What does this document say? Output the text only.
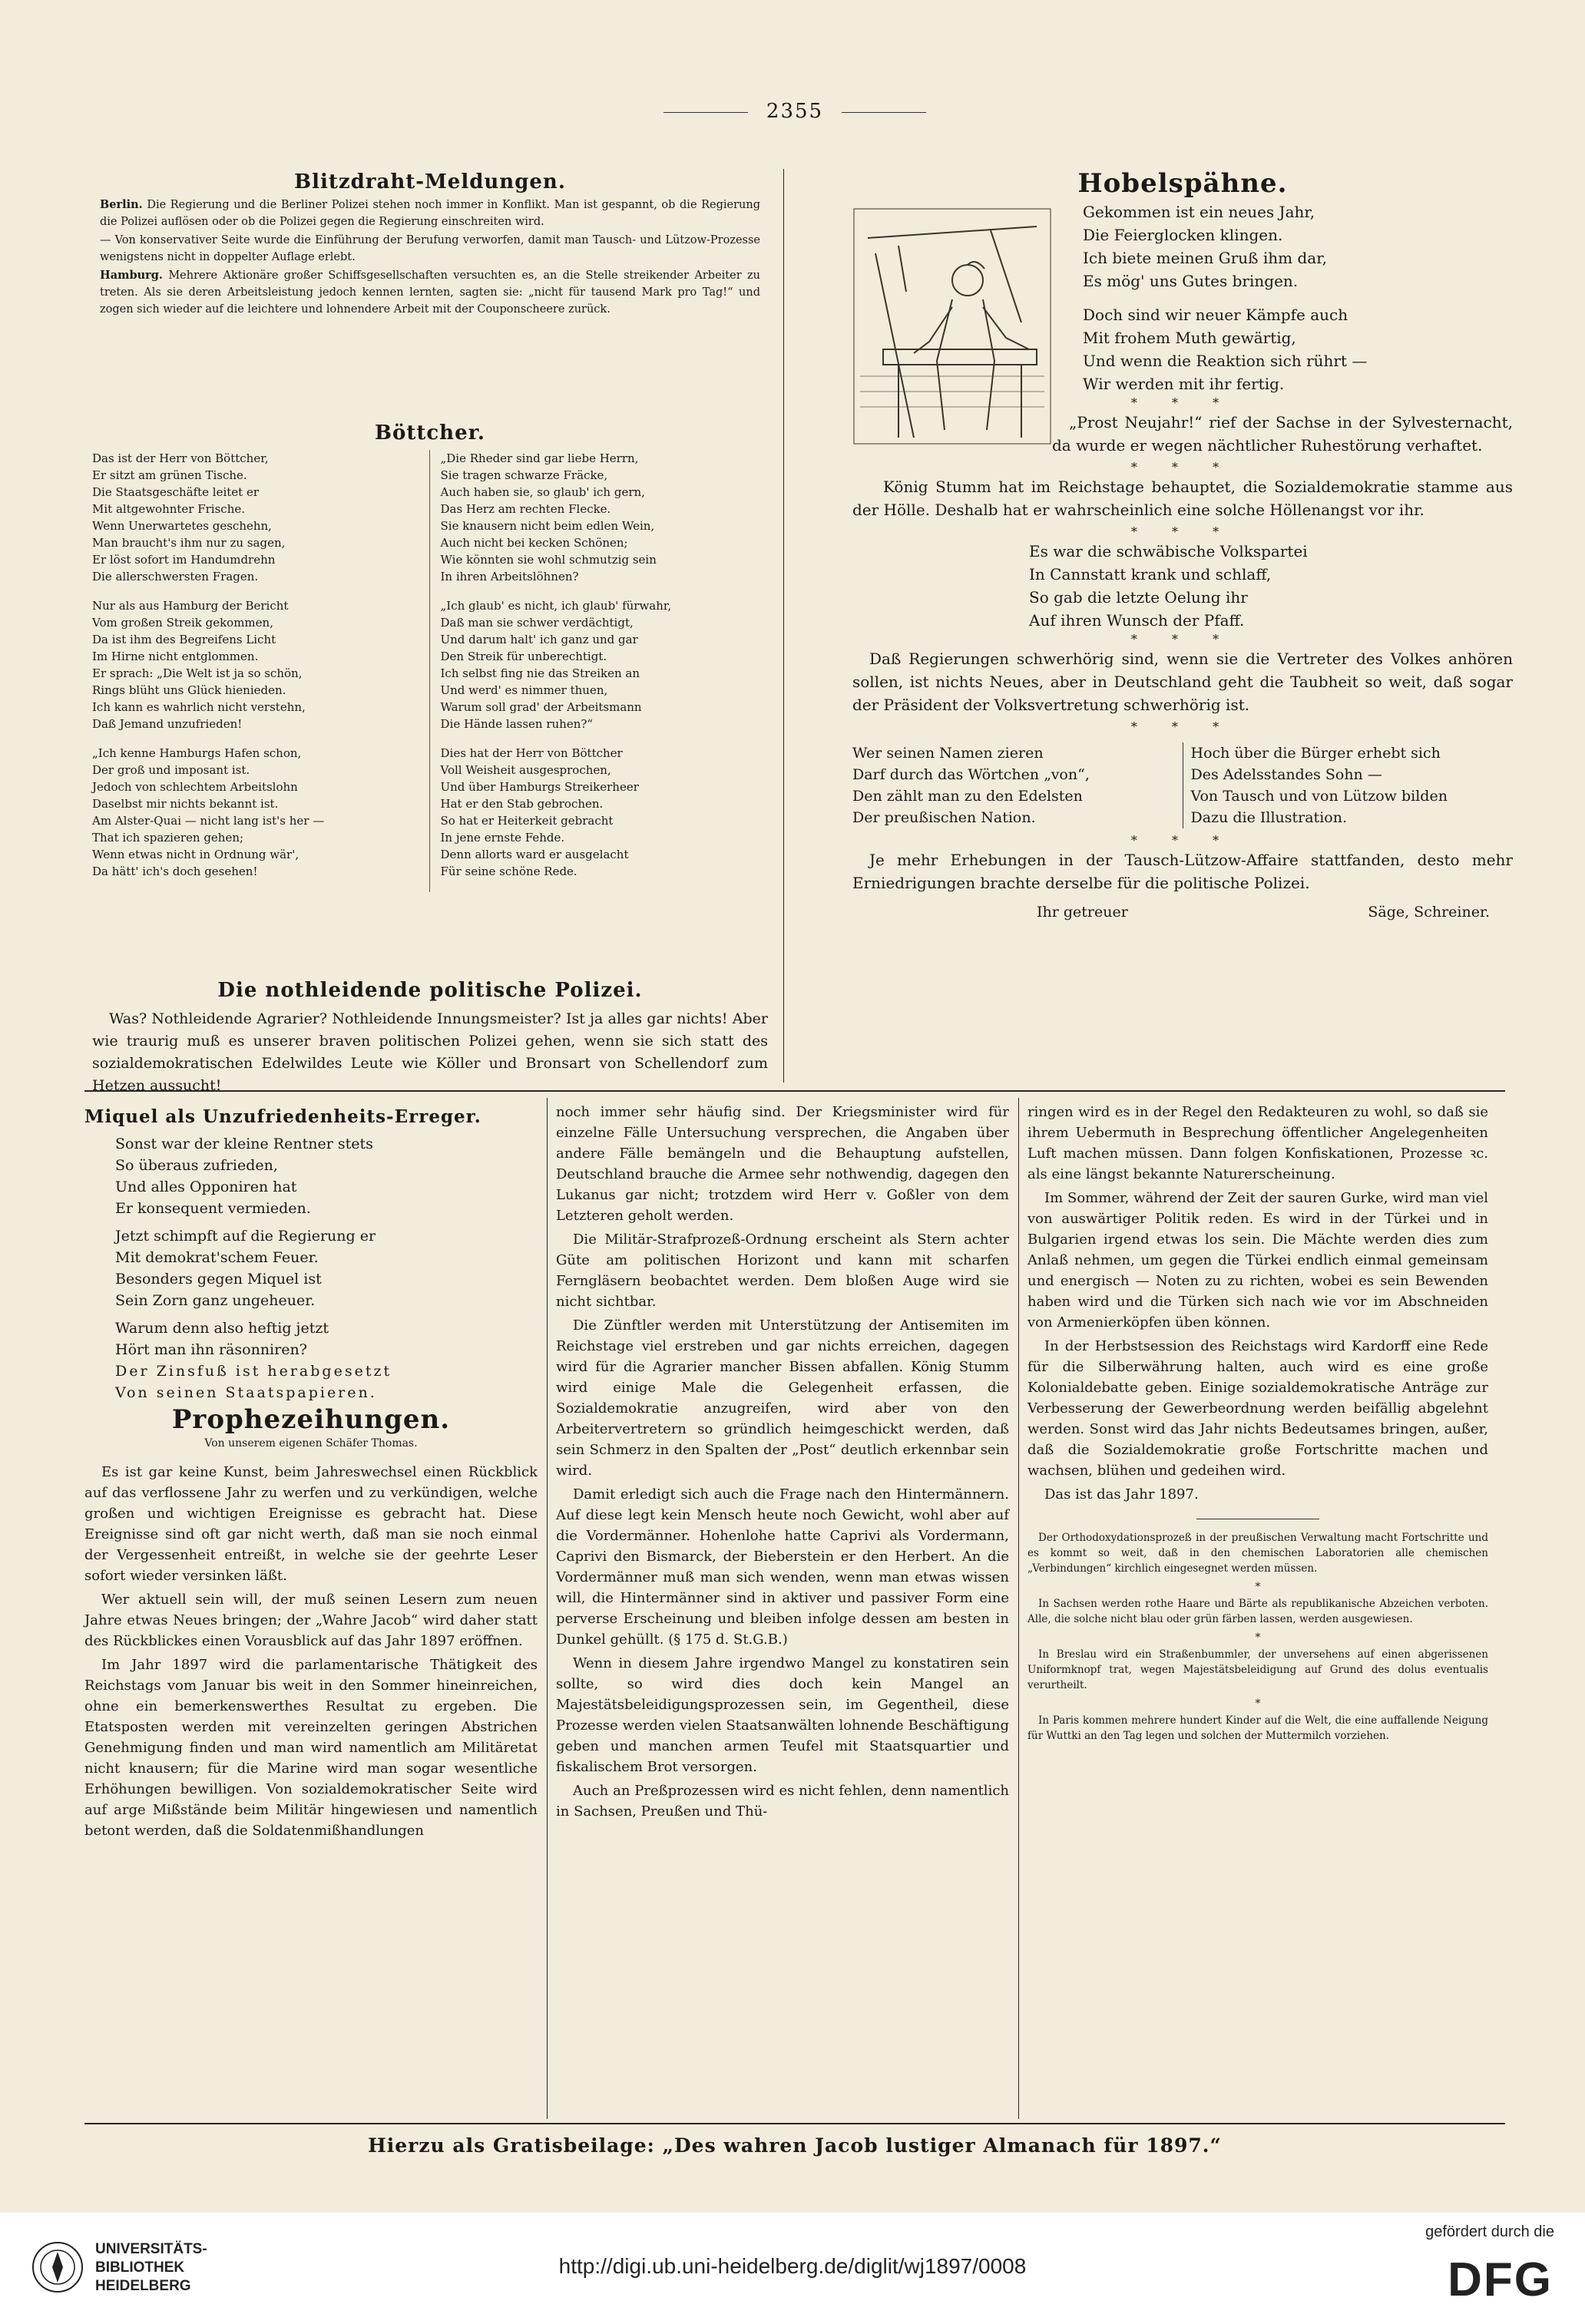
2355
Blitzdraht-Meldungen.

Berlin. Die Regierung und die Berliner Polizei stehen noch immer in Konflikt. Man ist gespannt, ob die Regierung die Polizei auflösen oder ob die Polizei gegen die Regierung einschreiten wird.

— Von konservativer Seite wurde die Einführung der Berufung verworfen, damit man Tausch- und Lützow-Prozesse wenigstens nicht in doppelter Auflage erlebt.

Hamburg. Mehrere Aktionäre großer Schiffsgesellschaften versuchten es, an die Stelle streikender Arbeiter zu treten. Als sie deren Arbeitsleistung jedoch kennen lernten, sagten sie: „nicht für tausend Mark pro Tag!“ und zogen sich wieder auf die leichtere und lohnendere Arbeit mit der Couponscheere zurück.

Böttcher.
Das ist der Herr von Böttcher,
Er sitzt am grünen Tische.
Die Staatsgeschäfte leitet er
Mit altgewohnter Frische.
Wenn Unerwartetes geschehn,
Man braucht's ihm nur zu sagen,
Er löst sofort im Handumdrehn
Die allerschwersten Fragen.
Nur als aus Hamburg der Bericht
Vom großen Streik gekommen,
Da ist ihm des Begreifens Licht
Im Hirne nicht entglommen.
Er sprach: „Die Welt ist ja so schön,
Rings blüht uns Glück hienieden.
Ich kann es wahrlich nicht verstehn,
Daß Jemand unzufrieden!
„Ich kenne Hamburgs Hafen schon,
Der groß und imposant ist.
Jedoch von schlechtem Arbeitslohn
Daselbst mir nichts bekannt ist.
Am Alster-Quai — nicht lang ist's her —
That ich spazieren gehen;
Wenn etwas nicht in Ordnung wär',
Da hätt' ich's doch gesehen!
„Die Rheder sind gar liebe Herrn,
Sie tragen schwarze Fräcke,
Auch haben sie, so glaub' ich gern,
Das Herz am rechten Flecke.
Sie knausern nicht beim edlen Wein,
Auch nicht bei kecken Schönen;
Wie könnten sie wohl schmutzig sein
In ihren Arbeitslöhnen?
„Ich glaub' es nicht, ich glaub' fürwahr,
Daß man sie schwer verdächtigt,
Und darum halt' ich ganz und gar
Den Streik für unberechtigt.
Ich selbst fing nie das Streiken an
Und werd' es nimmer thuen,
Warum soll grad' der Arbeitsmann
Die Hände lassen ruhen?“
Dies hat der Herr von Böttcher
Voll Weisheit ausgesprochen,
Und über Hamburgs Streikerheer
Hat er den Stab gebrochen.
So hat er Heiterkeit gebracht
In jene ernste Fehde.
Denn allorts ward er ausgelacht
Für seine schöne Rede.
Die nothleidende politische Polizei.

Was? Nothleidende Agrarier? Nothleidende Innungsmeister? Ist ja alles gar nichts! Aber wie traurig muß es unserer braven politischen Polizei gehen, wenn sie sich statt des sozialdemokratischen Edelwildes Leute wie Köller und Bronsart von Schellendorf zum Hetzen aussucht!

Hobelspähne.
Gekommen ist ein neues Jahr,
Die Feierglocken klingen.
Ich biete meinen Gruß ihm dar,
Es mög' uns Gutes bringen.
Doch sind wir neuer Kämpfe auch
Mit frohem Muth gewärtig,
Und wenn die Reaktion sich rührt —
Wir werden mit ihr fertig.
* * *

„Prost Neujahr!“ rief der Sachse in der Sylvesternacht, da wurde er wegen nächtlicher Ruhestörung verhaftet.

* * *

König Stumm hat im Reichstage behauptet, die Sozialdemokratie stamme aus der Hölle. Deshalb hat er wahrscheinlich eine solche Höllenangst vor ihr.

* * *
Es war die schwäbische Volkspartei
In Cannstatt krank und schlaff,
So gab die letzte Oelung ihr
Auf ihren Wunsch der Pfaff.
* * *

Daß Regierungen schwerhörig sind, wenn sie die Vertreter des Volkes anhören sollen, ist nichts Neues, aber in Deutschland geht die Taubheit so weit, daß sogar der Präsident der Volksvertretung schwerhörig ist.

* * *
Wer seinen Namen zieren
Darf durch das Wörtchen „von“,
Den zählt man zu den Edelsten
Der preußischen Nation.
Hoch über die Bürger erhebt sich
Des Adelsstandes Sohn —
Von Tausch und von Lützow bilden
Dazu die Illustration.
* * *

Je mehr Erhebungen in der Tausch-Lützow-Affaire stattfanden, desto mehr Erniedrigungen brachte derselbe für die politische Polizei.

Ihr getreuer	Säge, Schreiner.
Miquel als Unzufriedenheits-Erreger.
Sonst war der kleine Rentner stets
So überaus zufrieden,
Und alles Opponiren hat
Er konsequent vermieden.
Jetzt schimpft auf die Regierung er
Mit demokrat'schem Feuer.
Besonders gegen Miquel ist
Sein Zorn ganz ungeheuer.
Warum denn also heftig jetzt
Hört man ihn räsonniren?
Der Zinsfuß ist herabgesetzt
Von seinen Staatspapieren.
Prophezeihungen.
Von unserem eigenen Schäfer Thomas.

Es ist gar keine Kunst, beim Jahreswechsel einen Rückblick auf das verflossene Jahr zu werfen und zu verkündigen, welche großen und wichtigen Ereignisse es gebracht hat. Diese Ereignisse sind oft gar nicht werth, daß man sie noch einmal der Vergessenheit entreißt, in welche sie der geehrte Leser sofort wieder versinken läßt.

Wer aktuell sein will, der muß seinen Lesern zum neuen Jahre etwas Neues bringen; der „Wahre Jacob“ wird daher statt des Rückblickes einen Vorausblick auf das Jahr 1897 eröffnen.

Im Jahr 1897 wird die parlamentarische Thätigkeit des Reichstags vom Januar bis weit in den Sommer hineinreichen, ohne ein bemerkenswerthes Resultat zu ergeben. Die Etatsposten werden mit vereinzelten geringen Abstrichen Genehmigung finden und man wird namentlich am Militäretat nicht knausern; für die Marine wird man sogar wesentliche Erhöhungen bewilligen. Von sozialdemokratischer Seite wird auf arge Mißstände beim Militär hingewiesen und namentlich betont werden, daß die Soldatenmißhandlungen

noch immer sehr häufig sind. Der Kriegsminister wird für einzelne Fälle Untersuchung versprechen, die Angaben über andere Fälle bemängeln und die Behauptung aufstellen, Deutschland brauche die Armee sehr nothwendig, dagegen den Lukanus gar nicht; trotzdem wird Herr v. Goßler von dem Letzteren geholt werden.

Die Militär-Strafprozeß-Ordnung erscheint als Stern achter Güte am politischen Horizont und kann mit scharfen Ferngläsern beobachtet werden. Dem bloßen Auge wird sie nicht sichtbar.

Die Zünftler werden mit Unterstützung der Antisemiten im Reichstage viel erstreben und gar nichts erreichen, dagegen wird für die Agrarier mancher Bissen abfallen. König Stumm wird einige Male die Gelegenheit erfassen, die Sozialdemokratie anzugreifen, wird aber von den Arbeitervertretern so gründlich heimgeschickt werden, daß sein Schmerz in den Spalten der „Post“ deutlich erkennbar sein wird.

Damit erledigt sich auch die Frage nach den Hintermännern. Auf diese legt kein Mensch heute noch Gewicht, wohl aber auf die Vordermänner. Hohenlohe hatte Caprivi als Vordermann, Caprivi den Bismarck, der Bieberstein er den Herbert. An die Vordermänner muß man sich wenden, wenn man etwas wissen will, die Hintermänner sind in aktiver und passiver Form eine perverse Erscheinung und bleiben infolge dessen am besten in Dunkel gehüllt. (§ 175 d. St.G.B.)

Wenn in diesem Jahre irgendwo Mangel zu konstatiren sein sollte, so wird dies doch kein Mangel an Majestätsbeleidigungsprozessen sein, im Gegentheil, diese Prozesse werden vielen Staatsanwälten lohnende Beschäftigung geben und manchen armen Teufel mit Staatsquartier und fiskalischem Brot versorgen.

Auch an Preßprozessen wird es nicht fehlen, denn namentlich in Sachsen, Preußen und Thü-

ringen wird es in der Regel den Redakteuren zu wohl, so daß sie ihrem Uebermuth in Besprechung öffentlicher Angelegenheiten Luft machen müssen. Dann folgen Konfiskationen, Prozesse ꝛc. als eine längst bekannte Naturerscheinung.

Im Sommer, während der Zeit der sauren Gurke, wird man viel von auswärtiger Politik reden. Es wird in der Türkei und in Bulgarien irgend etwas los sein. Die Mächte werden dies zum Anlaß nehmen, um gegen die Türkei endlich einmal gemeinsam und energisch — Noten zu zu richten, wobei es sein Bewenden haben wird und die Türken sich nach wie vor im Abschneiden von Armenierköpfen üben können.

In der Herbstsession des Reichstags wird Kardorff eine Rede für die Silberwährung halten, auch wird es eine große Kolonialdebatte geben. Einige sozialdemokratische Anträge zur Verbesserung der Gewerbeordnung werden beifällig abgelehnt werden. Sonst wird das Jahr nichts Bedeutsames bringen, außer, daß die Sozialdemokratie große Fortschritte machen und wachsen, blühen und gedeihen wird.

Das ist das Jahr 1897.

Der Orthodoxydationsprozeß in der preußischen Verwaltung macht Fortschritte und es kommt so weit, daß in den chemischen Laboratorien alle chemischen „Verbindungen“ kirchlich eingesegnet werden müssen.

*

In Sachsen werden rothe Haare und Bärte als republikanische Abzeichen verboten. Alle, die solche nicht blau oder grün färben lassen, werden ausgewiesen.

*

In Breslau wird ein Straßenbummler, der unversehens auf einen abgerissenen Uniformknopf trat, wegen Majestätsbeleidigung auf Grund des dolus eventualis verurtheilt.

*

In Paris kommen mehrere hundert Kinder auf die Welt, die eine auffallende Neigung für Wuttki an den Tag legen und solchen der Muttermilch vorziehen.

Hierzu als Gratisbeilage: „Des wahren Jacob lustiger Almanach für 1897.“
UNIVERSITÄTS-
BIBLIOTHEK
HEIDELBERG
http://digi.ub.uni-heidelberg.de/diglit/wj1897/0008
gefördert durch die
DFG
